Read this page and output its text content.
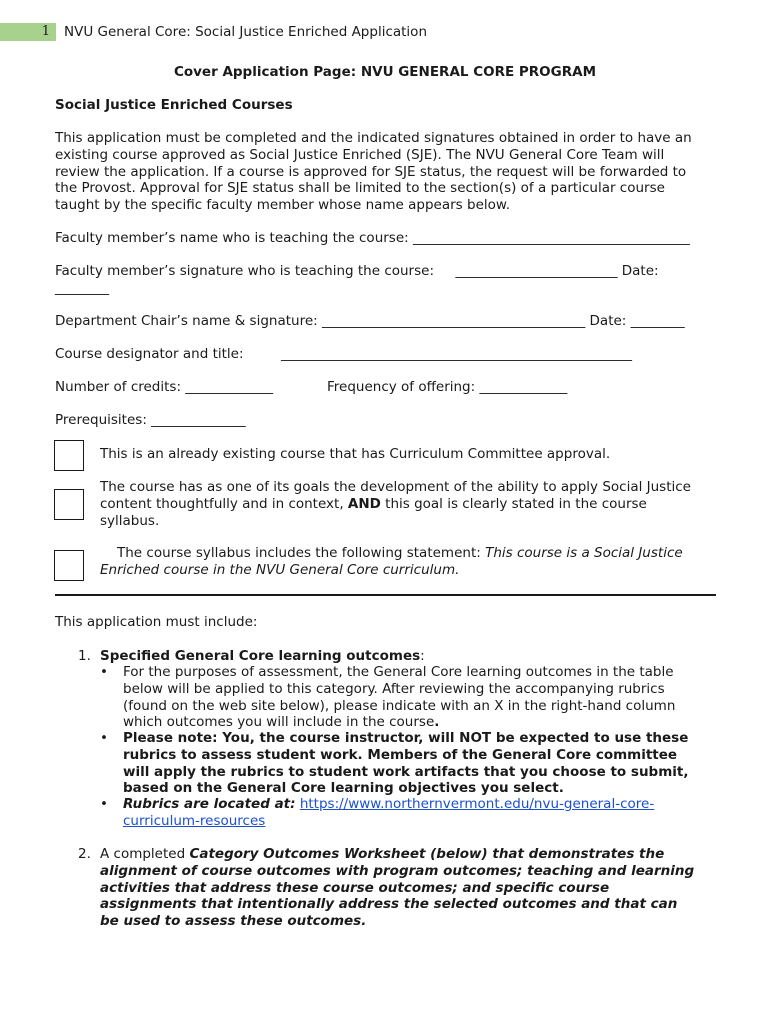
1 NVU General Core: Social Justice Enriched Application
Cover Application Page: NVU GENERAL CORE PROGRAM
Social Justice Enriched Courses
This application must be completed and the indicated signatures obtained in order to have an
existing course approved as Social Justice Enriched (SJE). The NVU General Core Team will
review the application. If a course is approved for SJE status, the request will be forwarded to
the Provost. Approval for SJE status shall be limited to the section(s) of a particular course
taught by the specific faculty member whose name appears below.
Faculty member’s name who is teaching the course: _________________________________________
Faculty member’s signature who is teaching the course:     ________________________ Date:
________
Department Chair’s name & signature: _______________________________________ Date: ________
Course designator and title:	____________________________________________________
Number of credits: _____________	Frequency of offering: _____________
Prerequisites: ______________
This is an already existing course that has Curriculum Committee approval.
The course has as one of its goals the development of the ability to apply Social Justice
content thoughtfully and in context, AND this goal is clearly stated in the course
syllabus.
The course syllabus includes the following statement: This course is a Social Justice
Enriched course in the NVU General Core curriculum.
This application must include:
1. Specified General Core learning outcomes:
• For the purposes of assessment, the General Core learning outcomes in the table
below will be applied to this category. After reviewing the accompanying rubrics
(found on the web site below), please indicate with an X in the right-hand column
which outcomes you will include in the course.
• Please note: You, the course instructor, will NOT be expected to use these
rubrics to assess student work. Members of the General Core committee
will apply the rubrics to student work artifacts that you choose to submit,
based on the General Core learning objectives you select.
• Rubrics are located at: https://www.northernvermont.edu/nvu-general-core-
curriculum-resources
2. A completed Category Outcomes Worksheet (below) that demonstrates the
alignment of course outcomes with program outcomes; teaching and learning
activities that address these course outcomes; and specific course
assignments that intentionally address the selected outcomes and that can
be used to assess these outcomes.
